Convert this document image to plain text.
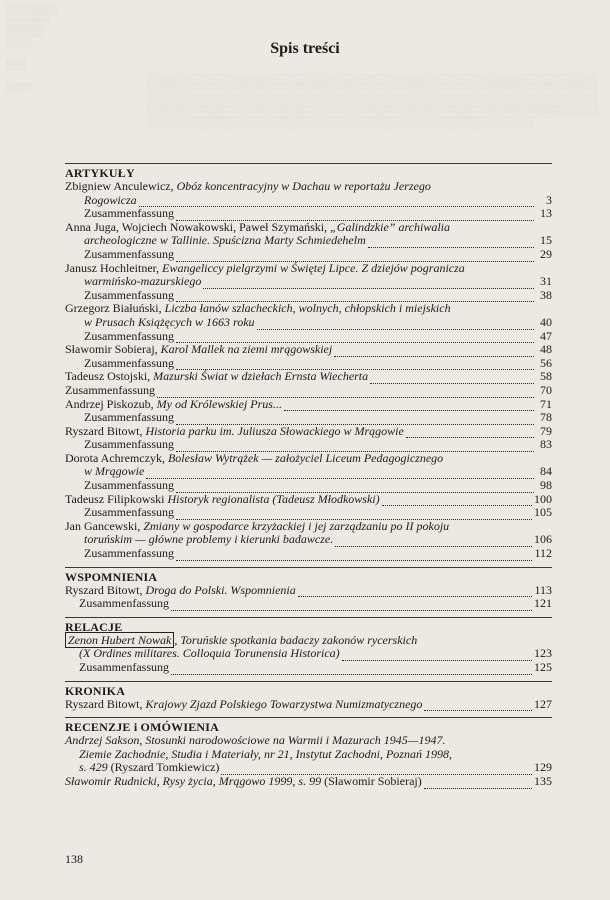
░░░░░░░░
░░░░░░░
░░░░░░
░░░░

░░░

░░░░
░░░░░░░░░░░░░░░░░░░░░░░░░░░░░░░░░░░░░░░░░░░░░░░░░░░░░░░░░░░░░░░░
░░░░░░░░░░░░░░░░░░░░░░░░░░░░░░░░░░░░░░░░░░░░░░░░░░░░░░░░░░░░░░░░
░░░░░░░░░░░░░░░░░░░░░░░░░░░░░░░░░░░░░░░░░░░░░░░░░░░░░░░░░░░░░░░░
░░░░░░░░░░░░░░░░░░░░░░░░░░░░░░░░░░░░░░░░░░░░░░░░░░░░░░░░░░░░░░░░
░░░░░░░░░░░░░░░░░░░░░░░░░░░░░░░░░░░░░░░░░░░░░░░░░░░░░░░
Spis treści
ARTYKUŁY
Zbigniew Anculewicz, Obóz koncentracyjny w Dachau w reportażu Jerzego
Rogowicza	3
Zusammenfassung	13
Anna Juga, Wojciech Nowakowski, Paweł Szymański, „Galindzkie” archiwalia
archeologiczne w Tallinie. Spuścizna Marty Schmiedehelm	15
Zusammenfassung	29
Janusz Hochleitner, Ewangeliccy pielgrzymi w Świętej Lipce. Z dziejów pogranicza
warmińsko-mazurskiego	31
Zusammenfassung	38
Grzegorz Białuński, Liczba łanów szlacheckich, wolnych, chłopskich i miejskich
w Prusach Książęcych w 1663 roku	40
Zusammenfassung	47
Sławomir Sobieraj, Karol Mallek na ziemi mrągowskiej	48
Zusammenfassung	56
Tadeusz Ostojski, Mazurski Świat w dziełach Ernsta Wiecherta	58
Zusammenfassung	70
Andrzej Piskozub, My od Królewskiej Prus...	71
Zusammenfassung	78
Ryszard Bitowt, Historia parku im. Juliusza Słowackiego w Mrągowie	79
Zusammenfassung	83
Dorota Achremczyk, Bolesław Wytrążek — założyciel Liceum Pedagogicznego
w Mrągowie	84
Zusammenfassung	98
Tadeusz Filipkowski Historyk regionalista (Tadeusz Młodkowski)	100
Zusammenfassung	105
Jan Gancewski, Zmiany w gospodarce krzyżackiej i jej zarządzaniu po II pokoju
toruńskim — główne problemy i kierunki badawcze.	106
Zusammenfassung	112
WSPOMNIENIA
Ryszard Bitowt, Droga do Polski. Wspomnienia	113
Zusammenfassung	121
RELACJE
Zenon Hubert Nowak , Toruńskie spotkania badaczy zakonów rycerskich
(X Ordines militares. Colloquia Torunensia Historica)	123
Zusammenfassung	125
KRONIKA
Ryszard Bitowt, Krajowy Zjazd Polskiego Towarzystwa Numizmatycznego	127
RECENZJE i OMÓWIENIA
Andrzej Sakson, Stosunki narodowościowe na Warmii i Mazurach 1945—1947.
Ziemie Zachodnie, Studia i Materiały, nr 21, Instytut Zachodni, Poznań 1998,
s. 429 (Ryszard Tomkiewicz)	129
Sławomir Rudnicki, Rysy życia, Mrągowo 1999, s. 99 (Sławomir Sobieraj)	135
138
